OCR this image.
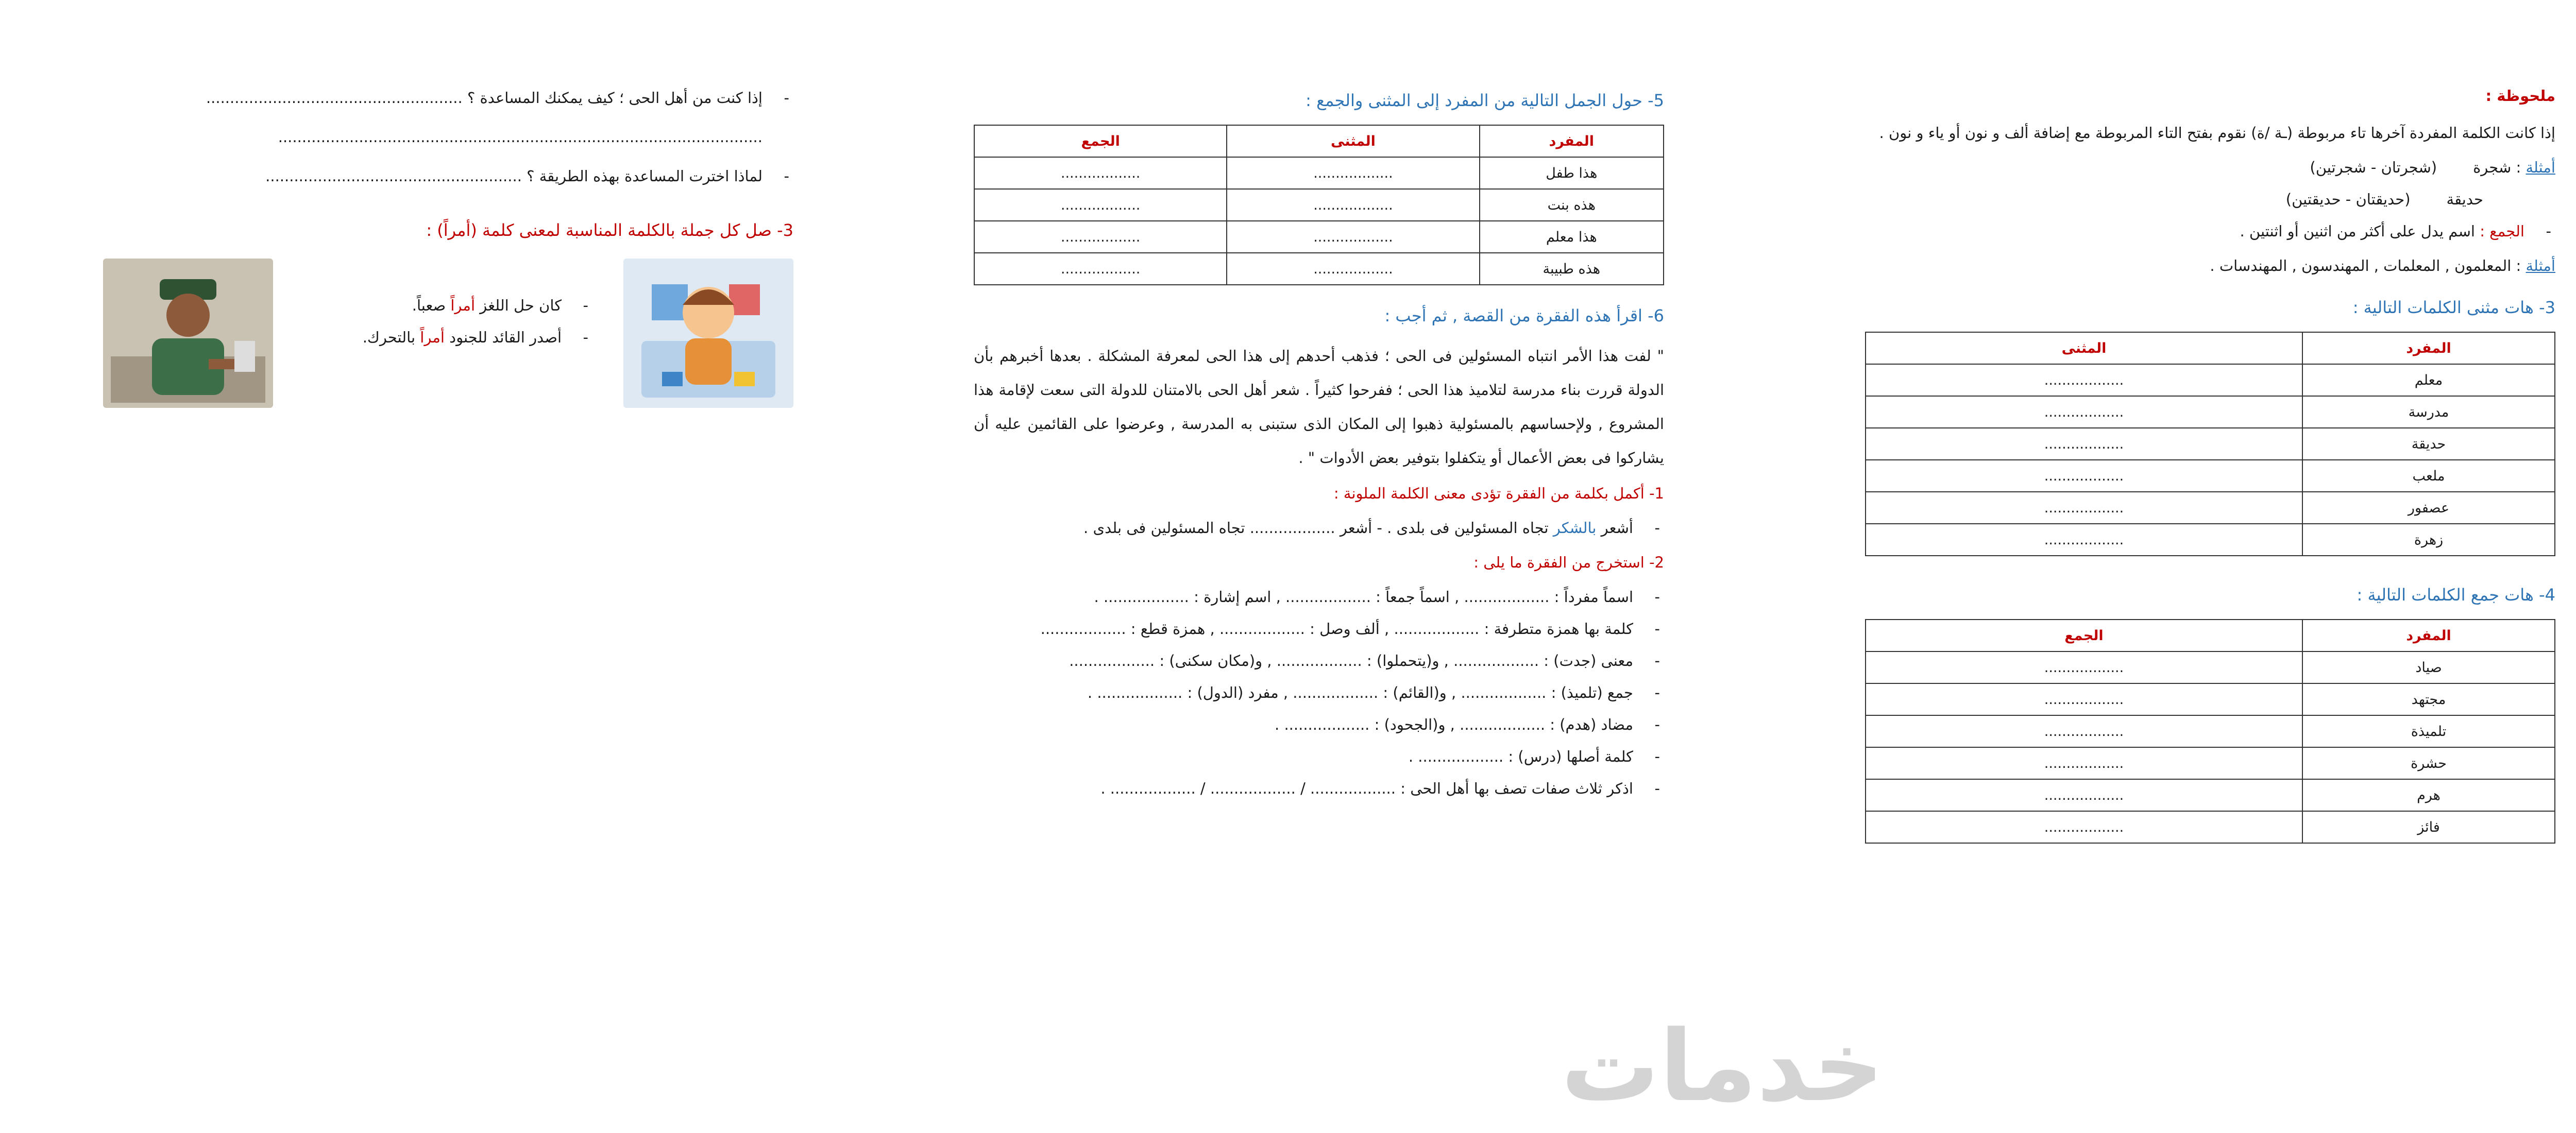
ملحوظة :
إذا كانت الكلمة المفردة آخرها تاء مربوطة (ـة /ة) نقوم بفتح التاء المربوطة مع إضافة ألف و نون أو ياء و نون .
أمثلة : شجرة
(شجرتان - شجرتين)
حديقة
(حديقتان - حديقتين)
- الجمع : اسم يدل على أكثر من اثنين أو اثنتين .
أمثلة : المعلمون , المعلمات , المهندسون , المهندسات .
3- هات مثنى الكلمات التالية :
المفرد	المثنى
معلم	..................
مدرسة	..................
حديقة	..................
ملعب	..................
عصفور	..................
زهرة	..................
4- هات جمع الكلمات التالية :
المفرد	الجمع
صياد	..................
مجتهد	..................
تلميذة	..................
حشرة	..................
هرم	..................
فائز	..................
5- حول الجمل التالية من المفرد إلى المثنى والجمع :
المفرد	المثنى	الجمع
هذا طفل	..................	..................
هذه بنت	..................	..................
هذا معلم	..................	..................
هذه طبيبة	..................	..................
6- اقرأ هذه الفقرة من القصة , ثم أجب :
" لفت هذا الأمر انتباه المسئولين فى الحى ؛ فذهب أحدهم إلى هذا الحى لمعرفة المشكلة . بعدها أخبرهم بأن الدولة قررت بناء مدرسة لتلاميذ هذا الحى ؛ ففرحوا كثيراً . شعر أهل الحى بالامتنان للدولة التى سعت لإقامة هذا المشروع , ولإحساسهم بالمسئولية ذهبوا إلى المكان الذى ستبنى به المدرسة , وعرضوا على القائمين عليه أن يشاركوا فى بعض الأعمال أو يتكفلوا بتوفير بعض الأدوات " .
1- أكمل بكلمة من الفقرة تؤدى معنى الكلمة الملونة :
- أشعر بالشكر تجاه المسئولين فى بلدى . - أشعر .................. تجاه المسئولين فى بلدى .
2- استخرج من الفقرة ما يلى :
- اسماً مفرداً : .................. , اسماً جمعاً : .................. , اسم إشارة : .................. .
- كلمة بها همزة متطرفة : .................. , ألف وصل : .................. , همزة قطع : ..................
- معنى (جدت) : .................. , و(يتحملوا) : .................. , و(مكان سكنى) : ..................
- جمع (تلميذ) : .................. , و(القائم) : .................. , مفرد (الدول) : .................. .
- مضاد (هدم) : .................. , و(الجحود) : .................. .
- كلمة أصلها (درس) : .................. .
- اذكر ثلاث صفات تصف بها أهل الحى : .................. / .................. / .................. .
- إذا كنت من أهل الحى ؛ كيف يمكنك المساعدة ؟ ......................................................
......................................................................................................
- لماذا اخترت المساعدة بهذه الطريقة ؟ ......................................................
3- صل كل جملة بالكلمة المناسبة لمعنى كلمة (أمراً) :
- كان حل اللغز أمراً صعباً.
- أصدر القائد للجنود أمراً بالتحرك.
خدمات
